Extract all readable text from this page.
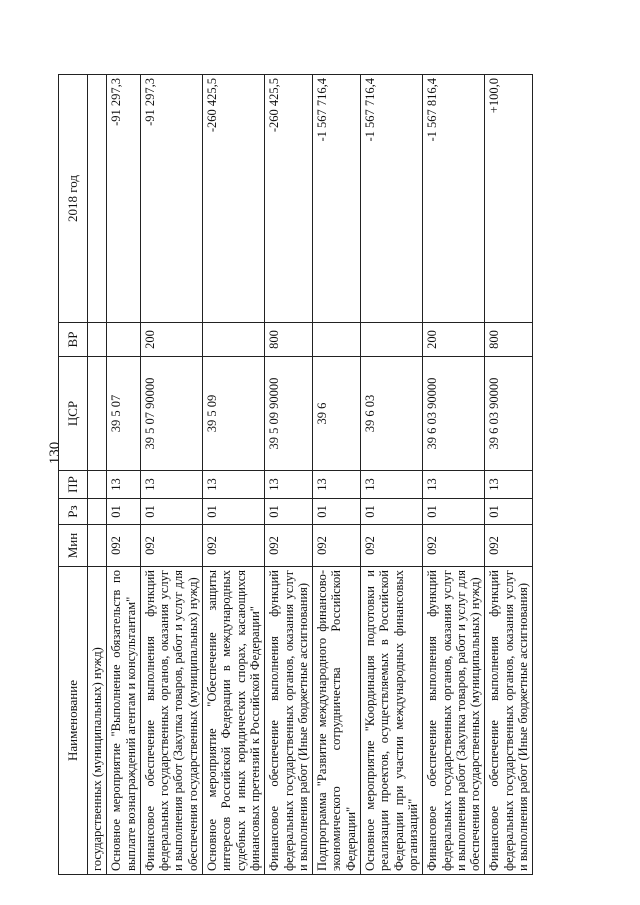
130
Наименование	Мин	Рз	ПР	ЦСР	ВР	2018 год
государственных (муниципальных) нужд)						
Основное мероприятие "Выполнение обязательств по выплате вознаграждений агентам и консультантам"	092	01	13	39 5 07		-91 297,3
Финансовое обеспечение выполнения функций федеральных государственных органов, оказания услуг и выполнения работ (Закупка товаров, работ и услуг для обеспечения государственных (муниципальных) нужд)	092	01	13	39 5 07 90000	200	-91 297,3
Основное мероприятие "Обеспечение защиты интересов Российской Федерации в международных судебных и иных юридических спорах, касающихся финансовых претензий к Российской Федерации"	092	01	13	39 5 09		-260 425,5
Финансовое обеспечение выполнения функций федеральных государственных органов, оказания услуг и выполнения работ (Иные бюджетные ассигнования)	092	01	13	39 5 09 90000	800	-260 425,5
Подпрограмма "Развитие международного финансово-экономического сотрудничества Российской Федерации"	092	01	13	39 6		-1 567 716,4
Основное мероприятие "Координация подготовки и реализации проектов, осуществляемых в Российской Федерации при участии международных финансовых организаций"	092	01	13	39 6 03		-1 567 716,4
Финансовое обеспечение выполнения функций федеральных государственных органов, оказания услуг и выполнения работ (Закупка товаров, работ и услуг для обеспечения государственных (муниципальных) нужд)	092	01	13	39 6 03 90000	200	-1 567 816,4
Финансовое обеспечение выполнения функций федеральных государственных органов, оказания услуг и выполнения работ (Иные бюджетные ассигнования)	092	01	13	39 6 03 90000	800	+100,0
